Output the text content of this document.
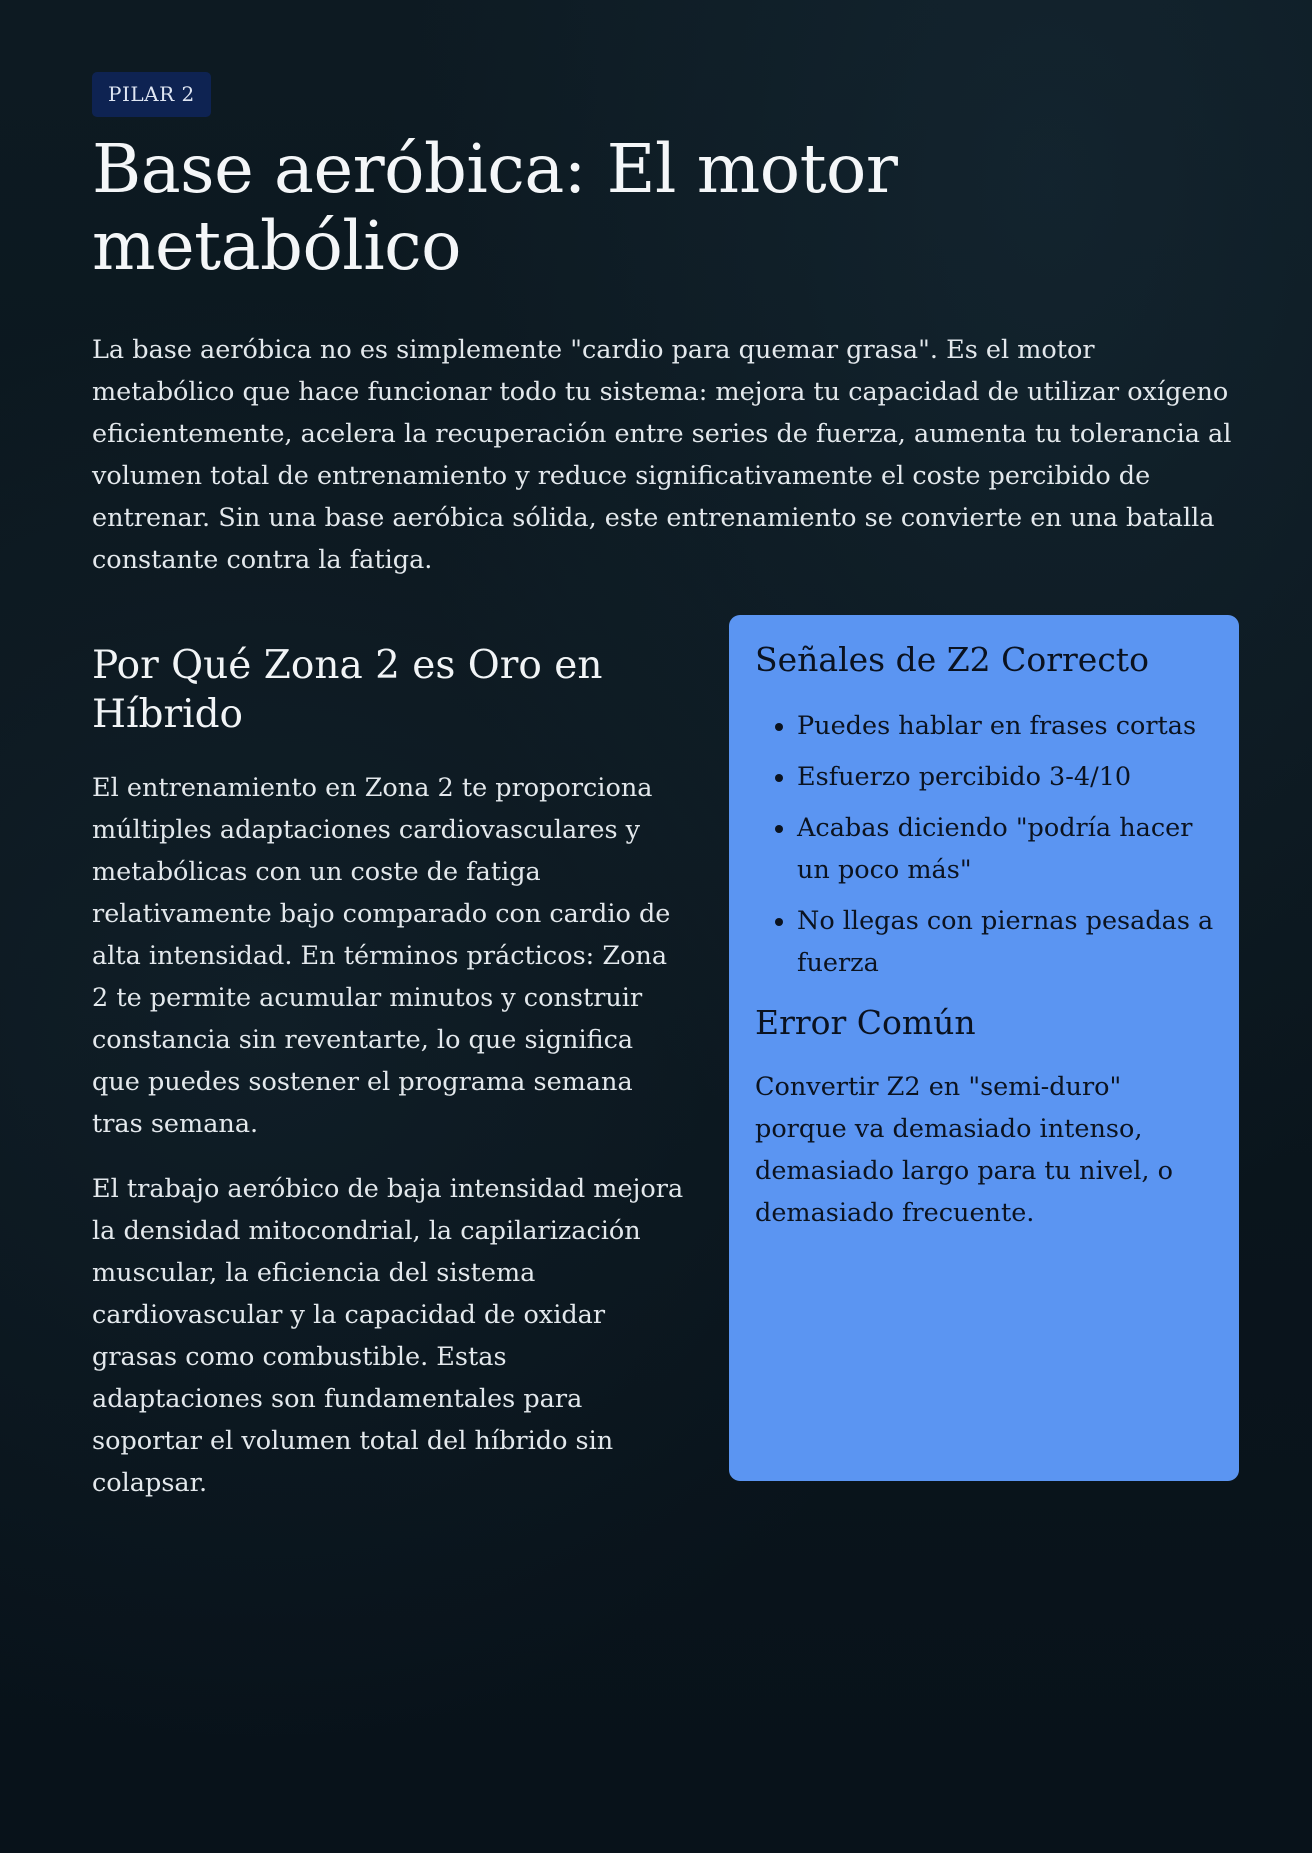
PILAR 2
Base aeróbica: El motor metabólico

La base aeróbica no es simplemente "cardio para quemar grasa". Es el motor metabólico que hace funcionar todo tu sistema: mejora tu capacidad de utilizar oxígeno eficientemente, acelera la recuperación entre series de fuerza, aumenta tu tolerancia al volumen total de entrenamiento y reduce significativamente el coste percibido de entrenar. Sin una base aeróbica sólida, este entrenamiento se convierte en una batalla constante contra la fatiga.

Por Qué Zona 2 es Oro en Híbrido

El entrenamiento en Zona 2 te proporciona múltiples adaptaciones cardiovasculares y metabólicas con un coste de fatiga relativamente bajo comparado con cardio de alta intensidad. En términos prácticos: Zona 2 te permite acumular minutos y construir constancia sin reventarte, lo que significa que puedes sostener el programa semana tras semana.

El trabajo aeróbico de baja intensidad mejora la densidad mitocondrial, la capilarización muscular, la eficiencia del sistema cardiovascular y la capacidad de oxidar grasas como combustible. Estas adaptaciones son fundamentales para soportar el volumen total del híbrido sin colapsar.

Señales de Z2 Correcto
• Puedes hablar en frases cortas
• Esfuerzo percibido 3-4/10
• Acabas diciendo "podría hacer un poco más"
• No llegas con piernas pesadas a fuerza
Error Común

Convertir Z2 en "semi-duro" porque va demasiado intenso, demasiado largo para tu nivel, o demasiado frecuente.
